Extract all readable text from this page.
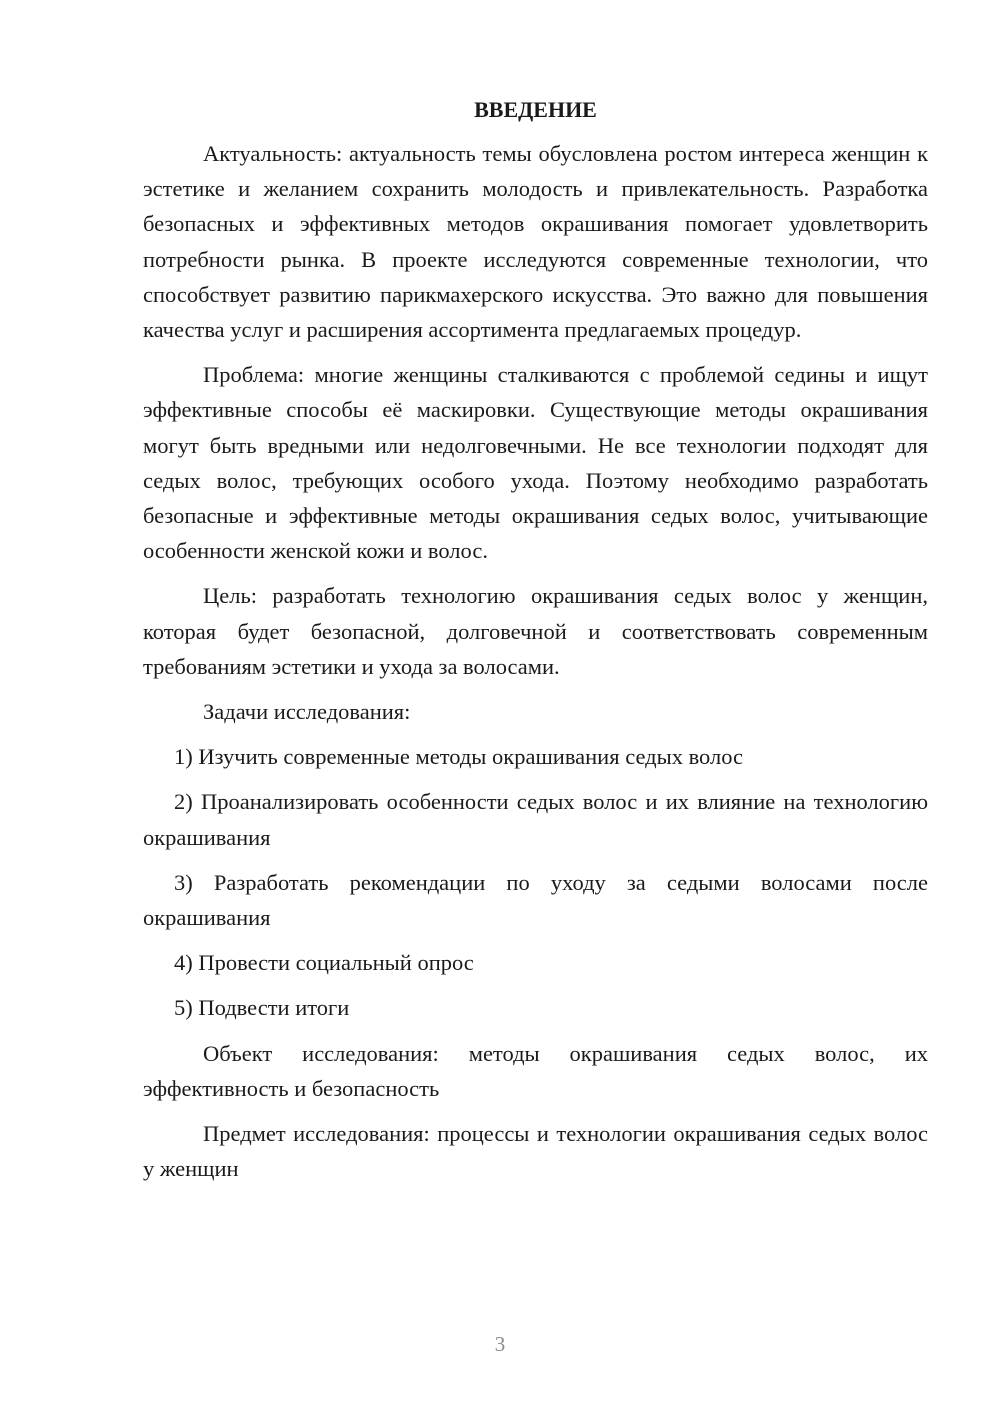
ВВЕДЕНИЕ

Актуальность: актуальность темы обусловлена ростом интереса женщин к эстетике и желанием сохранить молодость и привлекательность. Разработка безопасных и эффективных методов окрашивания помогает удовлетворить потребности рынка. В проекте исследуются современные технологии, что способствует развитию парикмахерского искусства. Это важно для повышения качества услуг и расширения ассортимента предлагаемых процедур.

Проблема: многие женщины сталкиваются с проблемой седины и ищут эффективные способы её маскировки. Существующие методы окрашивания могут быть вредными или недолговечными. Не все технологии подходят для седых волос, требующих особого ухода. Поэтому необходимо разработать безопасные и эффективные методы окрашивания седых волос, учитывающие особенности женской кожи и волос.

Цель: разработать технологию окрашивания седых волос у женщин, которая будет безопасной, долговечной и соответствовать современным требованиям эстетики и ухода за волосами.

Задачи исследования:

1) Изучить современные методы окрашивания седых волос

2) Проанализировать особенности седых волос и их влияние на технологию окрашивания

3) Разработать рекомендации по уходу за седыми волосами после окрашивания

4) Провести социальный опрос

5) Подвести итоги

Объект исследования: методы окрашивания седых волос, их эффективность и безопасность

Предмет исследования: процессы и технологии окрашивания седых волос у женщин

3
